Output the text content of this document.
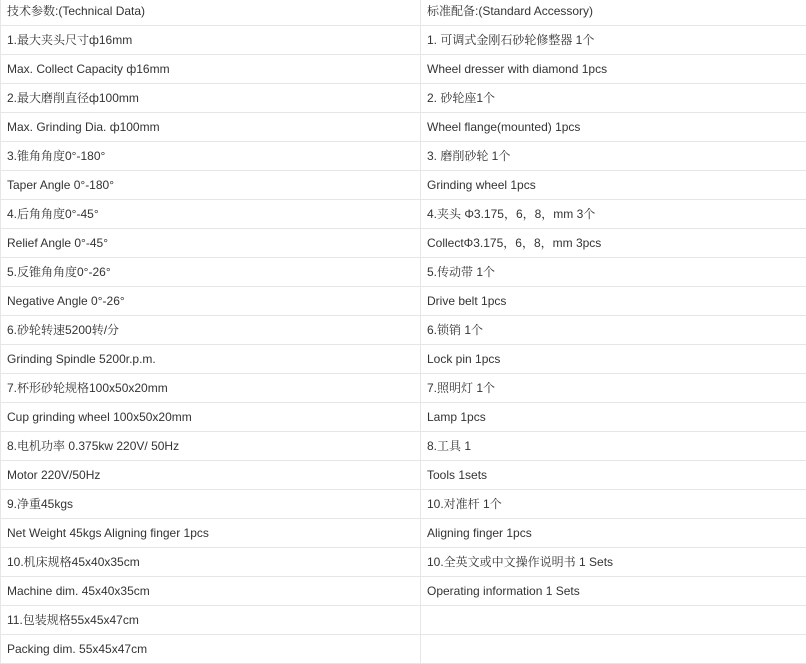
技术参数:(Technical Data)	标准配备:(Standard Accessory)
1.最大夹头尺寸ф16mm	1. 可调式金刚石砂轮修整器 1个
Max. Collect Capacity ф16mm	Wheel dresser with diamond 1pcs
2.最大磨削直径ф100mm	2. 砂轮座1个
Max. Grinding Dia. ф100mm	Wheel flange(mounted) 1pcs
3.锥角角度0°-180°	3. 磨削砂轮 1个
Taper Angle 0°-180°	Grinding wheel 1pcs
4.后角角度0°-45°	4.夹头 Φ3.175，6，8，mm 3个
Relief Angle 0°-45°	CollectΦ3.175，6，8，mm 3pcs
5.反锥角角度0°-26°	5.传动带 1个
Negative Angle 0°-26°	Drive belt 1pcs
6.砂轮转速5200转/分	6.锁销 1个
Grinding Spindle 5200r.p.m.	Lock pin 1pcs
7.杯形砂轮规格100x50x20mm	7.照明灯 1个
Cup grinding wheel 100x50x20mm	Lamp 1pcs
8.电机功率 0.375kw 220V/ 50Hz	8.工具 1
Motor 220V/50Hz	Tools 1sets
9.净重45kgs	10.对准杆 1个
Net Weight 45kgs Aligning finger 1pcs	Aligning finger 1pcs
10.机床规格45x40x35cm	10.全英文或中文操作说明书 1 Sets
Machine dim. 45x40x35cm	Operating information 1 Sets
11.包装规格55x45x47cm	
Packing dim. 55x45x47cm	
